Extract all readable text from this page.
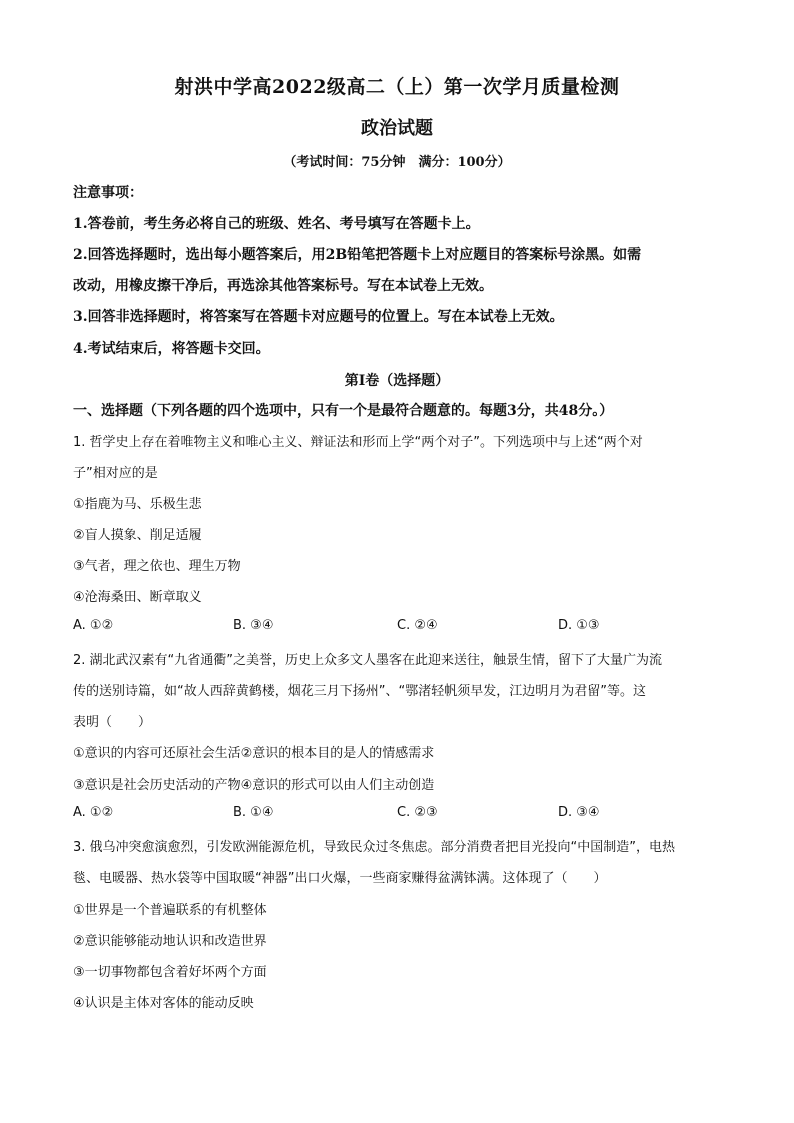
射洪中学高2022级高二（上）第一次学月质量检测
政治试题
（考试时间：75分钟　满分：100分）
注意事项：
1.答卷前，考生务必将自己的班级、姓名、考号填写在答题卡上。
2.回答选择题时，选出每小题答案后，用2B铅笔把答题卡上对应题目的答案标号涂黑。如需
改动，用橡皮擦干净后，再选涂其他答案标号。写在本试卷上无效。
3.回答非选择题时，将答案写在答题卡对应题号的位置上。写在本试卷上无效。
4.考试结束后，将答题卡交回。
第Ⅰ卷（选择题）
一、选择题（下列各题的四个选项中，只有一个是最符合题意的。每题3分，共48分。）
1. 哲学史上存在着唯物主义和唯心主义、辩证法和形而上学“两个对子”。下列选项中与上述“两个对
子”相对应的是
①指鹿为马、乐极生悲
②盲人摸象、削足适履
③气者，理之依也、理生万物
④沧海桑田、断章取义
A. ①②	B. ③④	C. ②④	D. ①③
2. 湖北武汉素有“九省通衢”之美誉，历史上众多文人墨客在此迎来送往，触景生情，留下了大量广为流
传的送别诗篇，如“故人西辞黄鹤楼，烟花三月下扬州”、“鄂渚轻帆须早发，江边明月为君留”等。这
表明（　　）
①意识的内容可还原社会生活②意识的根本目的是人的情感需求
③意识是社会历史活动的产物④意识的形式可以由人们主动创造
A. ①②	B. ①④	C. ②③	D. ③④
3. 俄乌冲突愈演愈烈，引发欧洲能源危机，导致民众过冬焦虑。部分消费者把目光投向“中国制造”，电热
毯、电暖器、热水袋等中国取暖“神器”出口火爆，一些商家赚得盆满钵满。这体现了（　　）
①世界是一个普遍联系的有机整体
②意识能够能动地认识和改造世界
③一切事物都包含着好坏两个方面
④认识是主体对客体的能动反映
